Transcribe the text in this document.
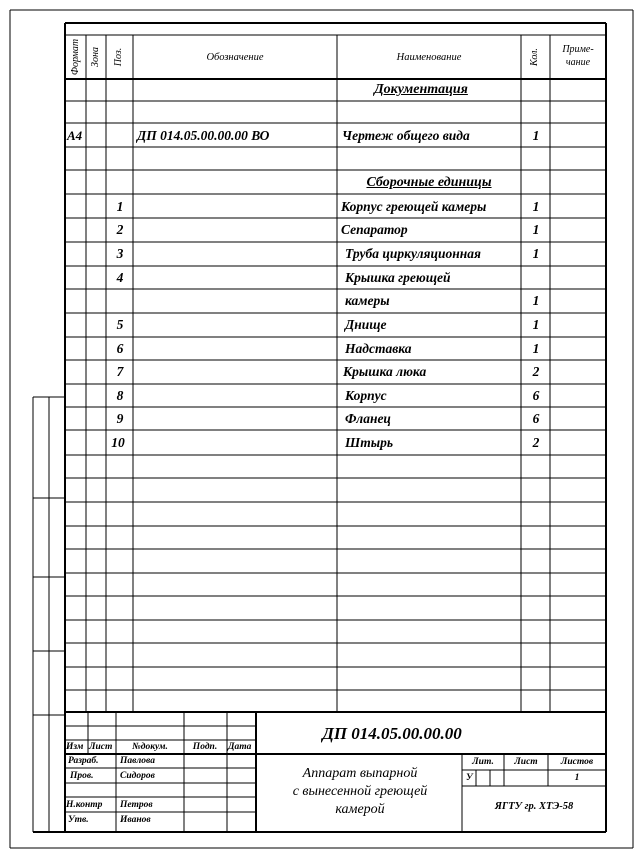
Формат Зона Поз.	Обозначение	Наименование	Кол. Приме-
чание
Документация
А4	ДП 014.05.00.00.00 ВО	Чертеж общего вида	1
Сборочные единицы
1	Корпус греющей камеры	1
2	Сепаратор	1
3	Труба циркуляционная	1
4	Крышка греющей
камеры	1
5	Днище	1
6	Надставка	1
7	Крышка люка	2
8	Корпус	6
9	Фланец	6
10	Штырь	2
ДП 014.05.00.00.00
Аппарат выпарной
с вынесенной греющей
камерой
Изм Лист №докум.	Подп. Дата
Разраб. Павлова
Пров.	Сидоров
Н.контр Петров
Утв.	Иванов
Лит. Лист Листов
У	1
ЯГТУ гр. ХТЭ-58
